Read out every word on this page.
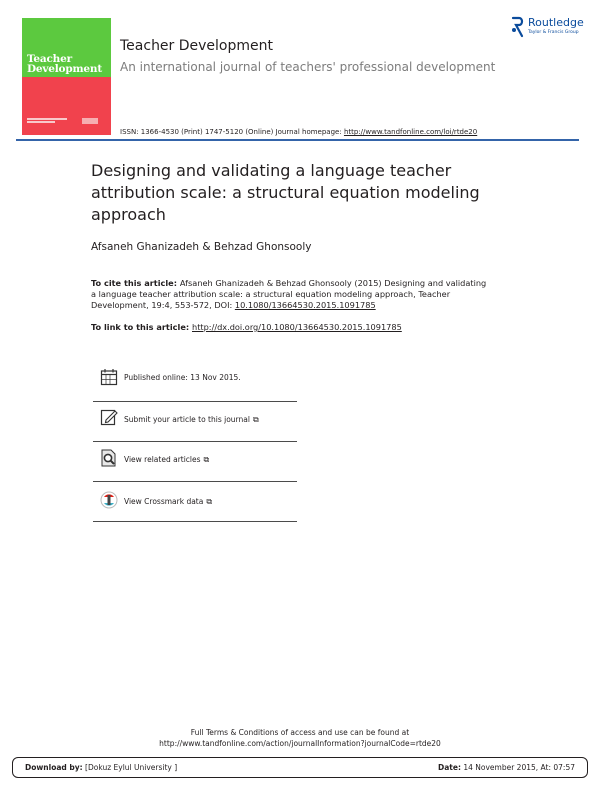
Teacher Development
Teacher Development
An international journal of teachers' professional development
Routledge
Taylor & Francis Group
ISSN: 1366-4530 (Print) 1747-5120 (Online) Journal homepage: http://www.tandfonline.com/loi/rtde20
Designing and validating a language teacher attribution scale: a structural equation modeling approach
Afsaneh Ghanizadeh & Behzad Ghonsooly
To cite this article: Afsaneh Ghanizadeh & Behzad Ghonsooly (2015) Designing and validating a language teacher attribution scale: a structural equation modeling approach, Teacher Development, 19:4, 553-572, DOI: 10.1080/13664530.2015.1091785
To link to this article: http://dx.doi.org/10.1080/13664530.2015.1091785
Published online: 13 Nov 2015.
Submit your article to this journal ⧉
View related articles ⧉
View Crossmark data ⧉
Full Terms & Conditions of access and use can be found at
http://www.tandfonline.com/action/journalInformation?journalCode=rtde20
Download by: [Dokuz Eylul University ]	Date: 14 November 2015, At: 07:57
